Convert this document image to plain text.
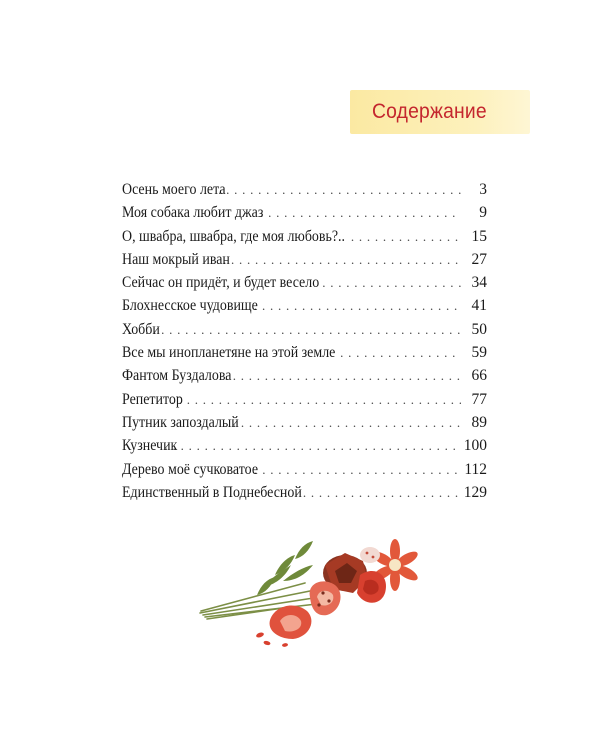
Содержание
Осень моего лета . . .	3
Моя собака любит джаз . . .	9
О, швабра, швабра, где моя любовь?.. . . .	15
Наш мокрый иван . . .	27
Сейчас он придёт, и будет весело . . .	34
Блохнесское чудовище . . .	41
Хобби . . .	50
Все мы инопланетяне на этой земле . . .	59
Фантом Буздалова . . .	66
Репетитор . . .	77
Путник запоздалый . . .	89
Кузнечик . . .	100
Дерево моё сучковатое . . .	112
Единственный в Поднебесной . . .	129
